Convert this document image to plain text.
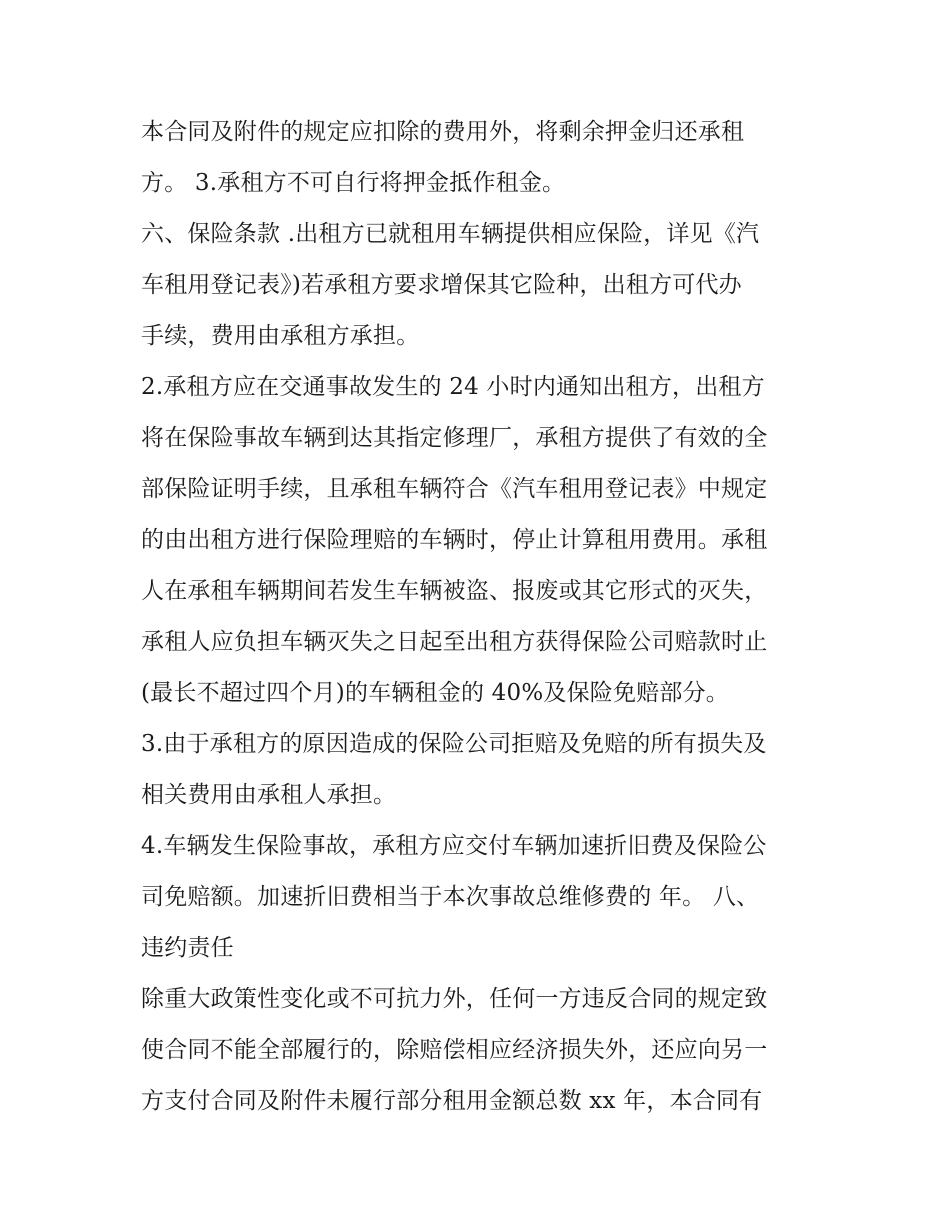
本合同及附件的规定应扣除的费用外，将剩余押金归还承租
方。 3.承租方不可自行将押金抵作租金。
六、保险条款 .出租方已就租用车辆提供相应保险，详见《汽
车租用登记表》)若承租方要求增保其它险种，出租方可代办
手续，费用由承租方承担。
2.承租方应在交通事故发生的 24 小时内通知出租方，出租方
将在保险事故车辆到达其指定修理厂，承租方提供了有效的全
部保险证明手续，且承租车辆符合《汽车租用登记表》中规定
的由出租方进行保险理赔的车辆时，停止计算租用费用。承租
人在承租车辆期间若发生车辆被盗、报废或其它形式的灭失，
承租人应负担车辆灭失之日起至出租方获得保险公司赔款时止
(最长不超过四个月)的车辆租金的 40%及保险免赔部分。
3.由于承租方的原因造成的保险公司拒赔及免赔的所有损失及
相关费用由承租人承担。
4.车辆发生保险事故，承租方应交付车辆加速折旧费及保险公
司免赔额。加速折旧费相当于本次事故总维修费的 年。 八、
违约责任
除重大政策性变化或不可抗力外，任何一方违反合同的规定致
使合同不能全部履行的，除赔偿相应经济损失外，还应向另一
方支付合同及附件未履行部分租用金额总数 xx 年，本合同有
